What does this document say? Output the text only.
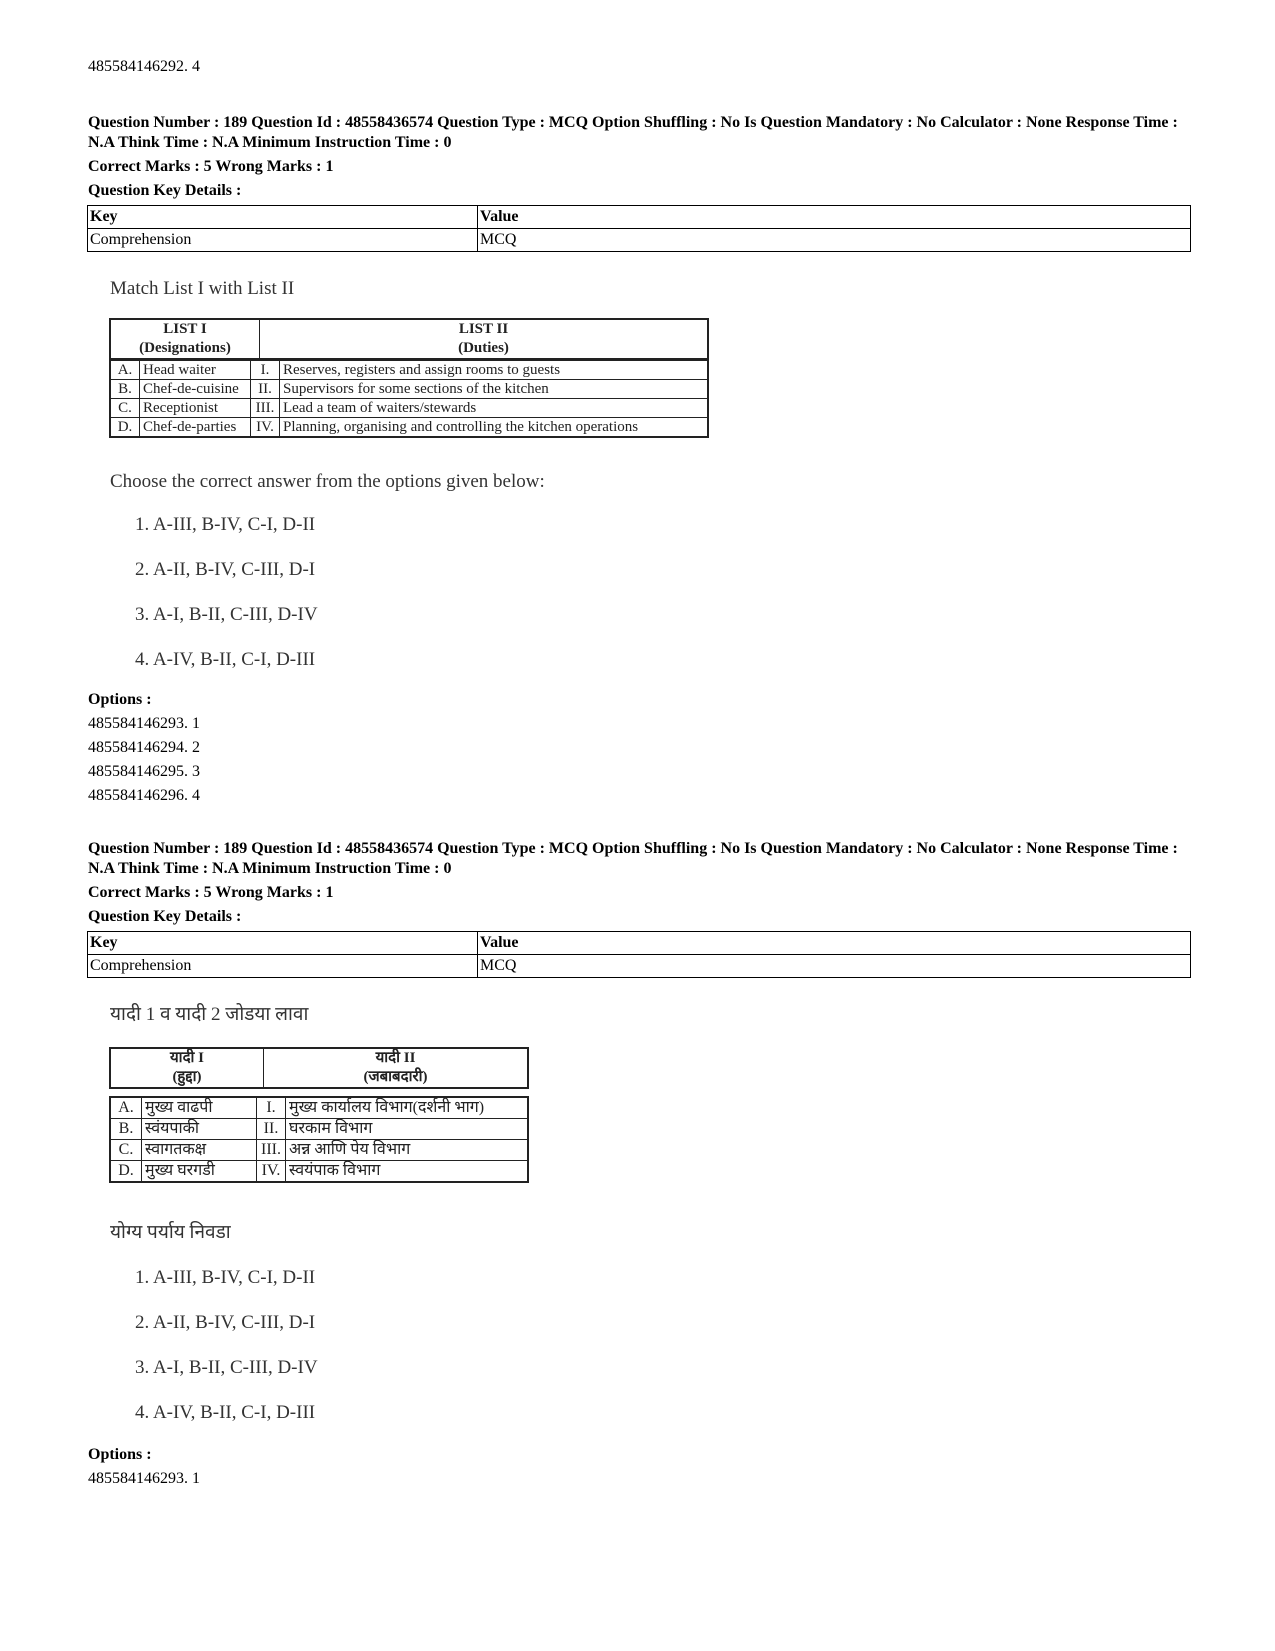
485584146292. 4
Question Number : 189 Question Id : 48558436574 Question Type : MCQ Option Shuffling : No Is Question Mandatory : No Calculator : None Response Time : N.A Think Time : N.A Minimum Instruction Time : 0
Correct Marks : 5 Wrong Marks : 1
Question Key Details :
Key	Value
Comprehension	MCQ
Match List I with List II
LIST I
(Designations)

LIST II
(Duties)
A.	Head waiter	I.	Reserves, registers and assign rooms to guests
B.	Chef-de-cuisine	II.	Supervisors for some sections of the kitchen
C.	Receptionist	III.	Lead a team of waiters/stewards
D.	Chef-de-parties	IV.	Planning, organising and controlling the kitchen operations
Choose the correct answer from the options given below:
1. A-III, B-IV, C-I, D-II
2. A-II, B-IV, C-III, D-I
3. A-I, B-II, C-III, D-IV
4. A-IV, B-II, C-I, D-III
Options :
485584146293. 1
485584146294. 2
485584146295. 3
485584146296. 4
Question Number : 189 Question Id : 48558436574 Question Type : MCQ Option Shuffling : No Is Question Mandatory : No Calculator : None Response Time : N.A Think Time : N.A Minimum Instruction Time : 0
Correct Marks : 5 Wrong Marks : 1
Question Key Details :
Key	Value
Comprehension	MCQ
यादी 1 व यादी 2 जोडया लावा
यादी I
(हुद्दा)

यादी II
(जबाबदारी)
A.	मुख्य वाढपी	I.	मुख्य कार्यालय विभाग(दर्शनी भाग)
B.	स्वंयपाकी	II.	घरकाम विभाग
C.	स्वागतकक्ष	III.	अन्न आणि पेय विभाग
D.	मुख्य घरगडी	IV.	स्वयंपाक विभाग
योग्य पर्याय निवडा
1. A-III, B-IV, C-I, D-II
2. A-II, B-IV, C-III, D-I
3. A-I, B-II, C-III, D-IV
4. A-IV, B-II, C-I, D-III
Options :
485584146293. 1
